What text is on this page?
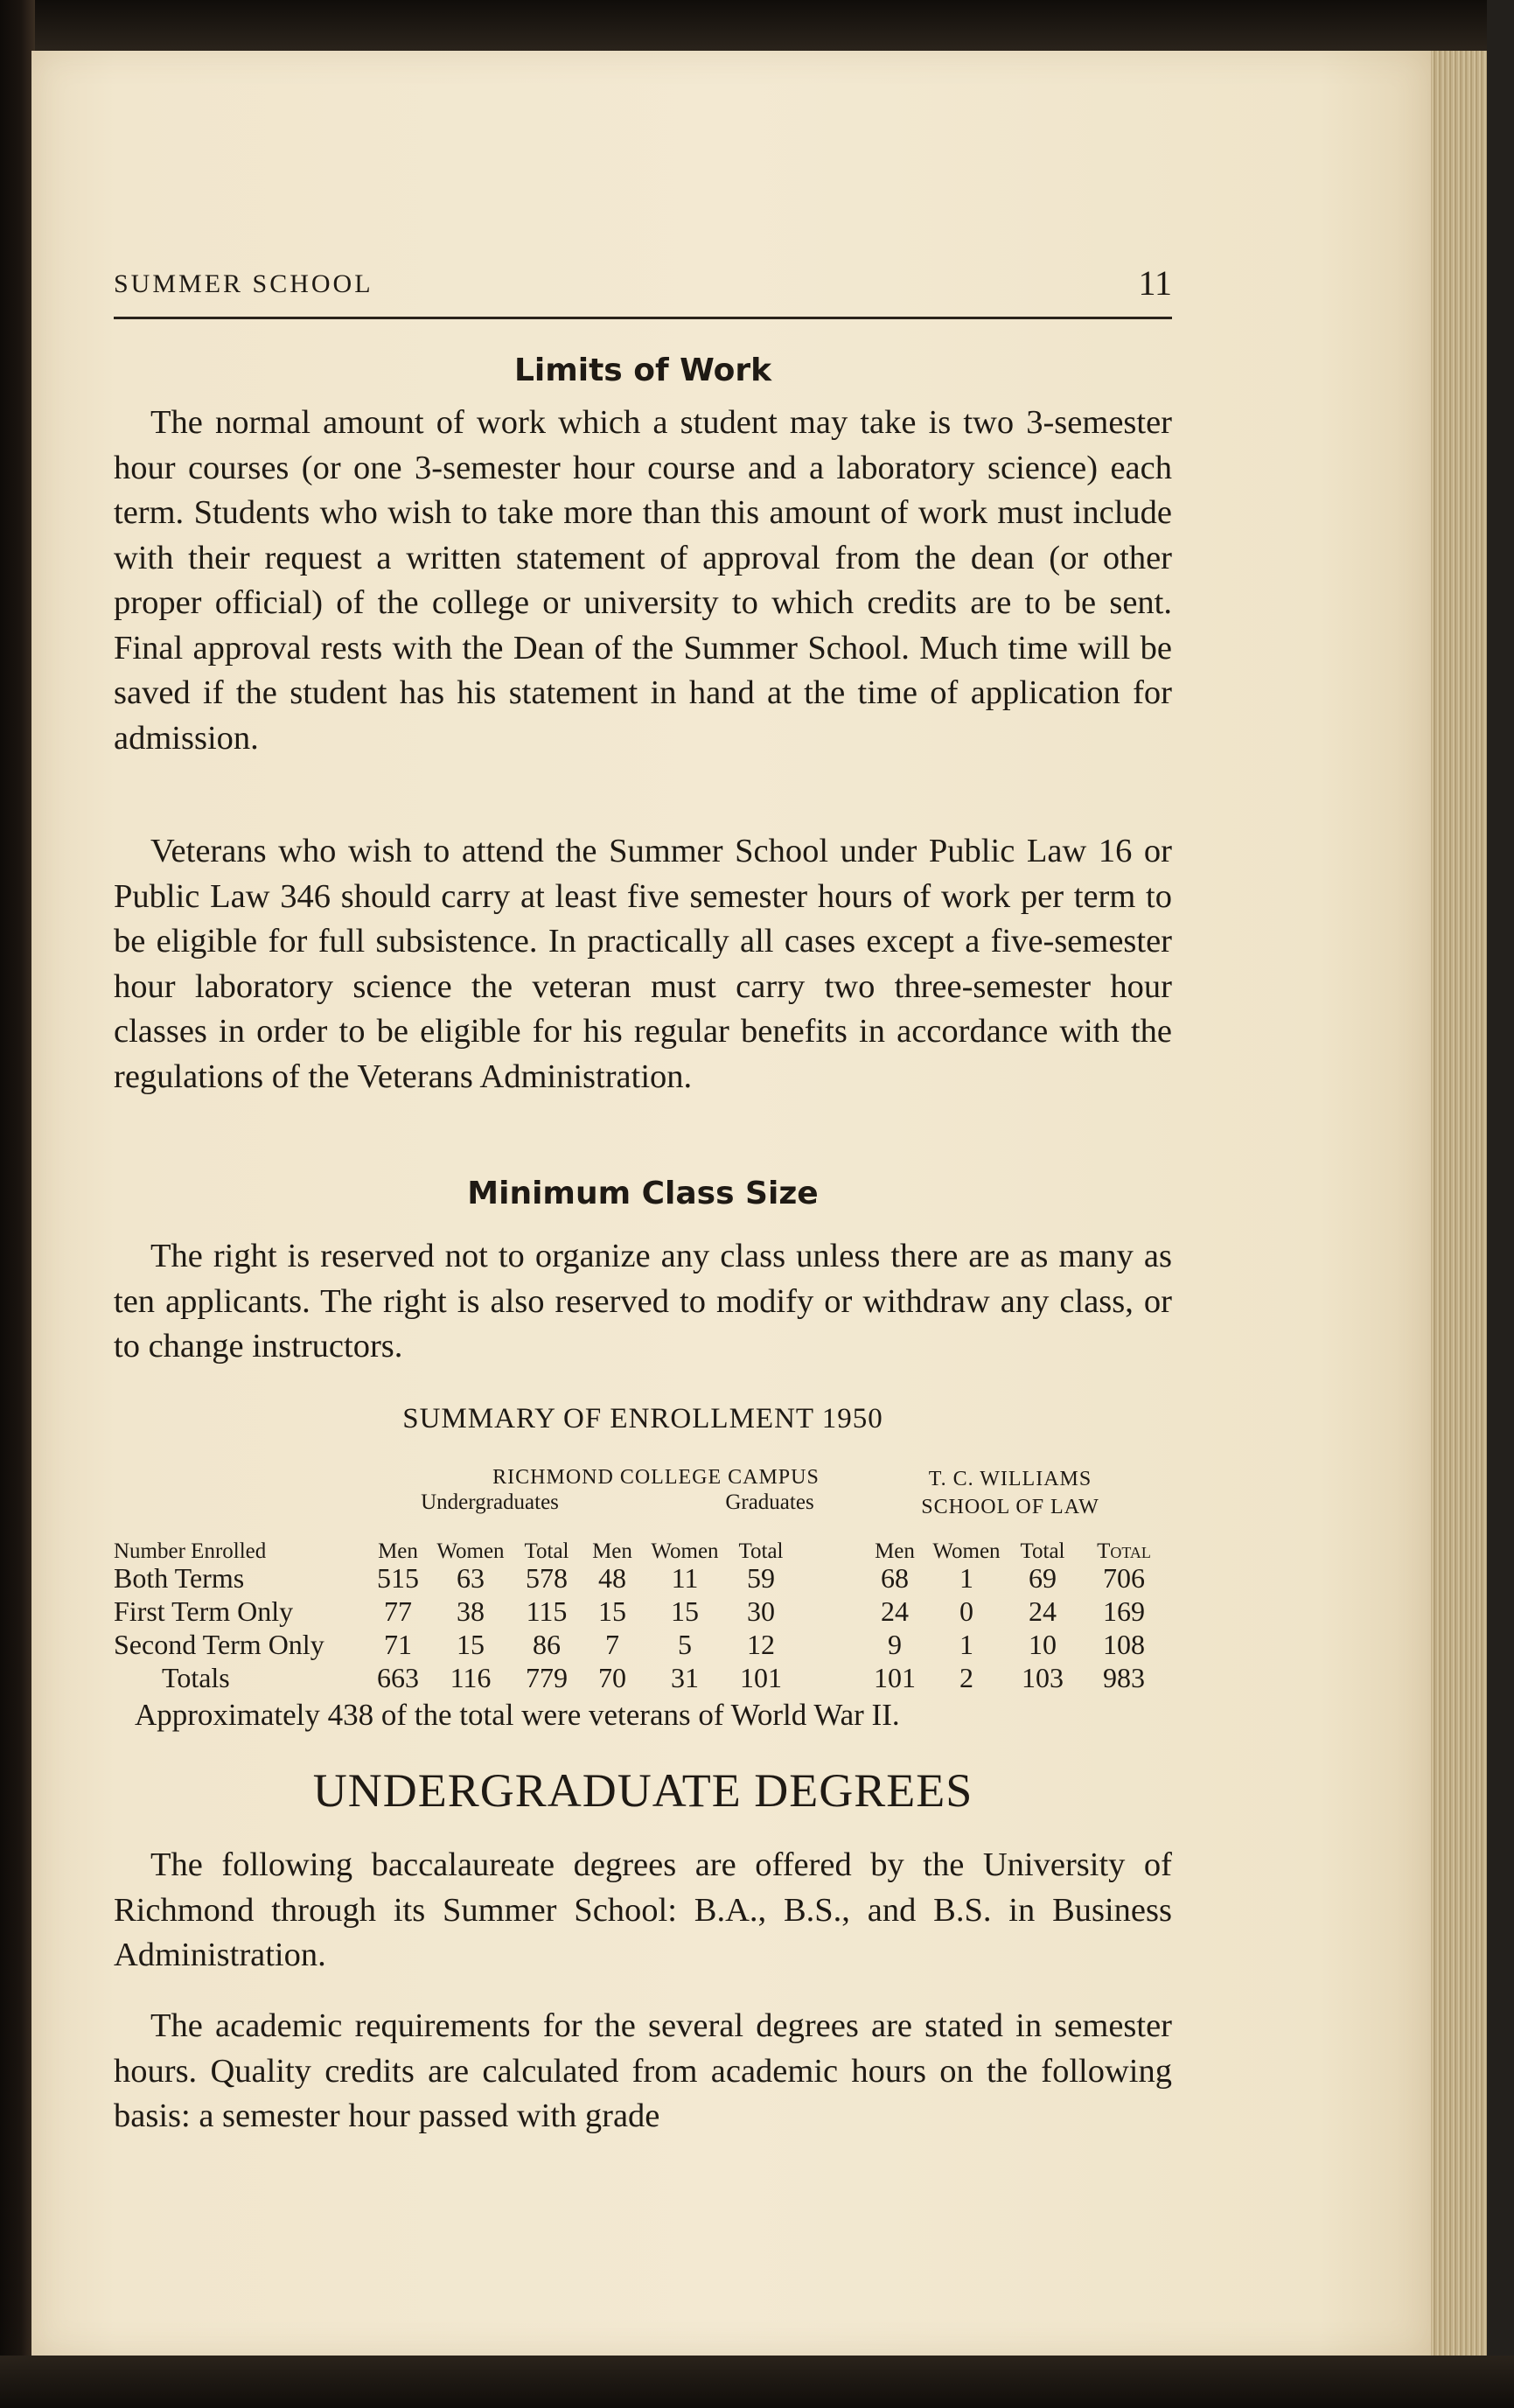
SUMMER SCHOOL	11
Limits of Work
The normal amount of work which a student may take is two 3-semester hour courses (or one 3-semester hour course and a laboratory science) each term. Students who wish to take more than this amount of work must include with their request a written statement of approval from the dean (or other proper official) of the college or university to which credits are to be sent. Final approval rests with the Dean of the Summer School. Much time will be saved if the student has his statement in hand at the time of application for admission.
Veterans who wish to attend the Summer School under Public Law 16 or Public Law 346 should carry at least five semester hours of work per term to be eligible for full subsistence. In practically all cases except a five-semester hour laboratory science the veteran must carry two three-semester hour classes in order to be eligible for his regular benefits in accordance with the regulations of the Veterans Administration.
Minimum Class Size
The right is reserved not to organize any class unless there are as many as ten applicants. The right is also reserved to modify or withdraw any class, or to change instructors.
SUMMARY OF ENROLLMENT 1950
RICHMOND COLLEGE CAMPUS
Undergraduates	Graduates
T. C. WILLIAMS
SCHOOL OF LAW
Number Enrolled	Men Women Total	Men Women Total	Men Women Total	Total
Both Terms	515	63	578	48	11	59	68	1	69	706
First Term Only	77	38	115	15	15	30	24	0	24	169
Second Term Only	71	15	86	7	5	12	9	1	10	108
Totals	663	116	779	70	31	101	101	2	103	983
Approximately 438 of the total were veterans of World War II.
UNDERGRADUATE DEGREES
The following baccalaureate degrees are offered by the University of Richmond through its Summer School: B.A., B.S., and B.S. in Business Administration.
The academic requirements for the several degrees are stated in semester hours. Quality credits are calculated from academic hours on the following basis: a semester hour passed with grade
